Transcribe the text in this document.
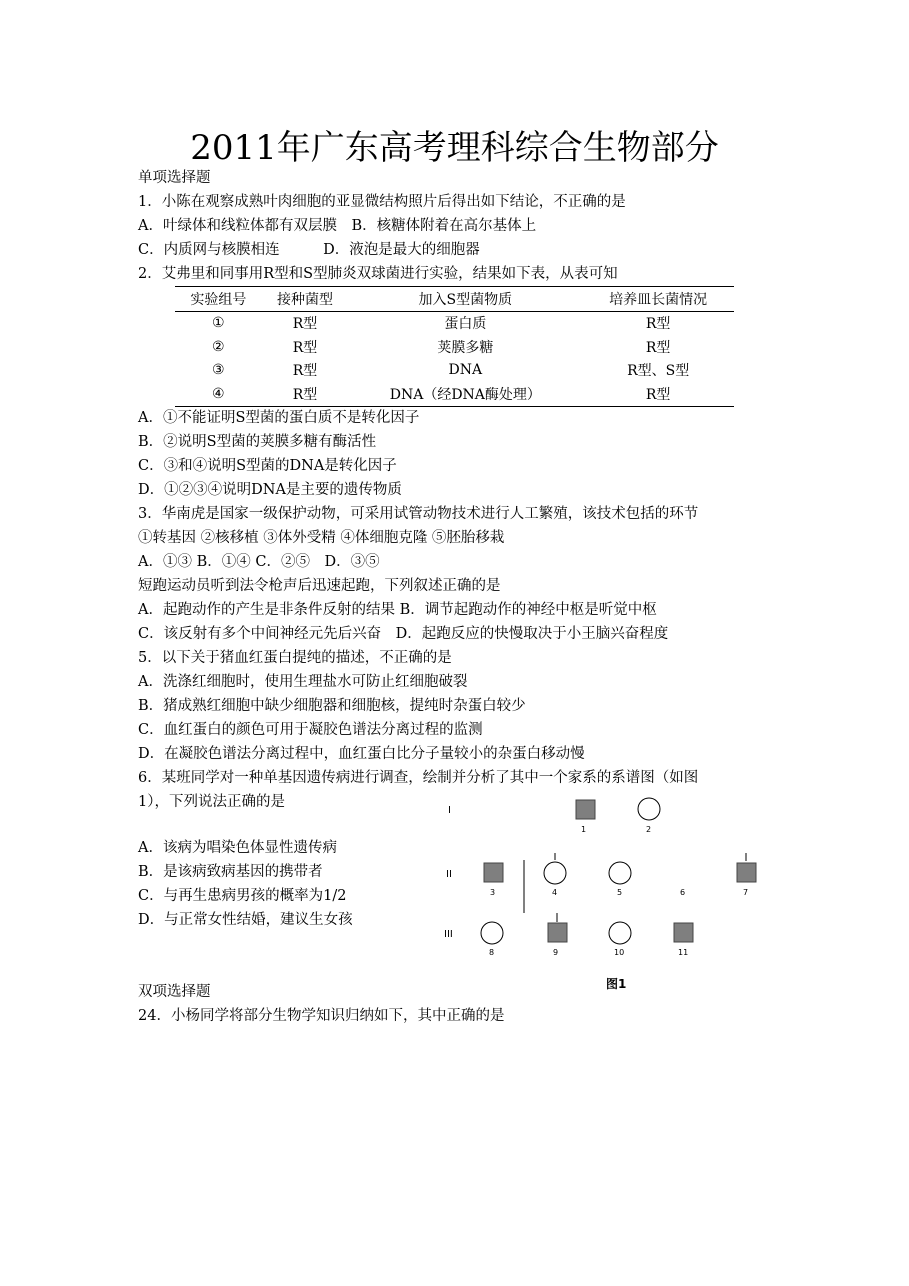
2011年广东高考理科综合生物部分
单项选择题
1．小陈在观察成熟叶肉细胞的亚显微结构照片后得出如下结论，不正确的是
A．叶绿体和线粒体都有双层膜　B．核糖体附着在高尔基体上
C．内质网与核膜相连　　　D．液泡是最大的细胞器
2．艾弗里和同事用R型和S型肺炎双球菌进行实验，结果如下表，从表可知
实验组号	接种菌型	加入S型菌物质	培养皿长菌情况
①	R型	蛋白质	R型
②	R型	荚膜多糖	R型
③	R型	DNA	R型、S型
④	R型	DNA（经DNA酶处理）	R型
A．①不能证明S型菌的蛋白质不是转化因子
B．②说明S型菌的荚膜多糖有酶活性
C．③和④说明S型菌的DNA是转化因子
D．①②③④说明DNA是主要的遗传物质
3．华南虎是国家一级保护动物，可采用试管动物技术进行人工繁殖，该技术包括的环节
①转基因 ②核移植 ③体外受精 ④体细胞克隆 ⑤胚胎移栽
A．①③ B．①④ C．②⑤　D．③⑤
短跑运动员听到法令枪声后迅速起跑，下列叙述正确的是
A．起跑动作的产生是非条件反射的结果 B．调节起跑动作的神经中枢是听觉中枢
C．该反射有多个中间神经元先后兴奋　D．起跑反应的快慢取决于小王脑兴奋程度
5．以下关于猪血红蛋白提纯的描述，不正确的是
A．洗涤红细胞时，使用生理盐水可防止红细胞破裂
B．猪成熟红细胞中缺少细胞器和细胞核，提纯时杂蛋白较少
C．血红蛋白的颜色可用于凝胶色谱法分离过程的监测
D．在凝胶色谱法分离过程中，血红蛋白比分子量较小的杂蛋白移动慢
6．某班同学对一种单基因遗传病进行调查，绘制并分析了其中一个家系的系谱图（如图
1），下列说法正确的是
A．该病为唱染色体显性遗传病
B．是该病致病基因的携带者
C．与再生患病男孩的概率为1/2
D．与正常女性结婚，建议生女孩
I
II
III
1	2
3	4	5	6	7
8	9	10	11
图1
双项选择题
24．小杨同学将部分生物学知识归纳如下，其中正确的是
